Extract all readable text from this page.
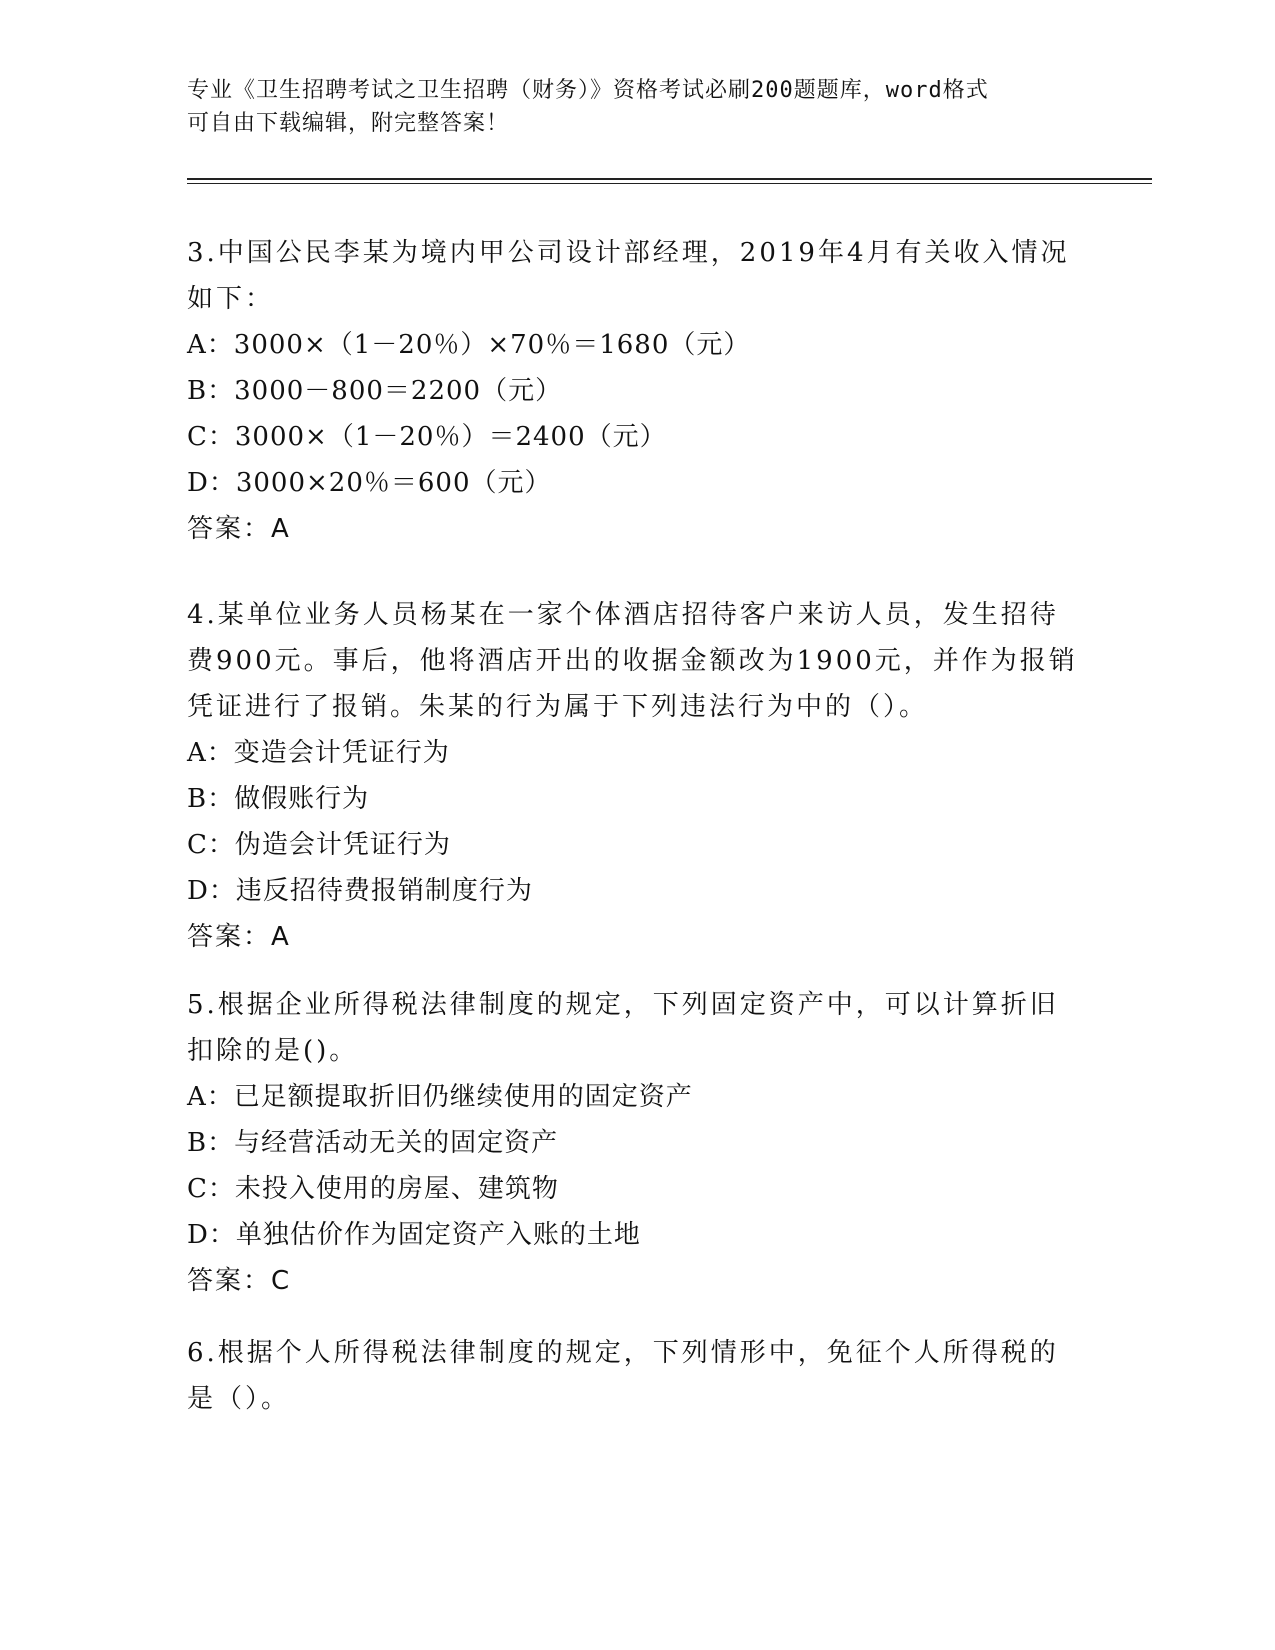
专业《卫生招聘考试之卫生招聘（财务）》资格考试必刷200题题库，word格式
可自由下载编辑，附完整答案！
3.中国公民李某为境内甲公司设计部经理，2019年4月有关收入情况
如下：
A：3000×（1－20％）×70％＝1680（元）
B：3000－800＝2200（元）
C：3000×（1－20％）＝2400（元）
D：3000×20％＝600（元）
答案：A
4.某单位业务人员杨某在一家个体酒店招待客户来访人员，发生招待
费900元。事后，他将酒店开出的收据金额改为1900元，并作为报销
凭证进行了报销。朱某的行为属于下列违法行为中的（）。
A：变造会计凭证行为
B：做假账行为
C：伪造会计凭证行为
D：违反招待费报销制度行为
答案：A
5.根据企业所得税法律制度的规定，下列固定资产中，可以计算折旧
扣除的是()。
A：已足额提取折旧仍继续使用的固定资产
B：与经营活动无关的固定资产
C：未投入使用的房屋、建筑物
D：单独估价作为固定资产入账的土地
答案：C
6.根据个人所得税法律制度的规定，下列情形中，免征个人所得税的
是（）。
